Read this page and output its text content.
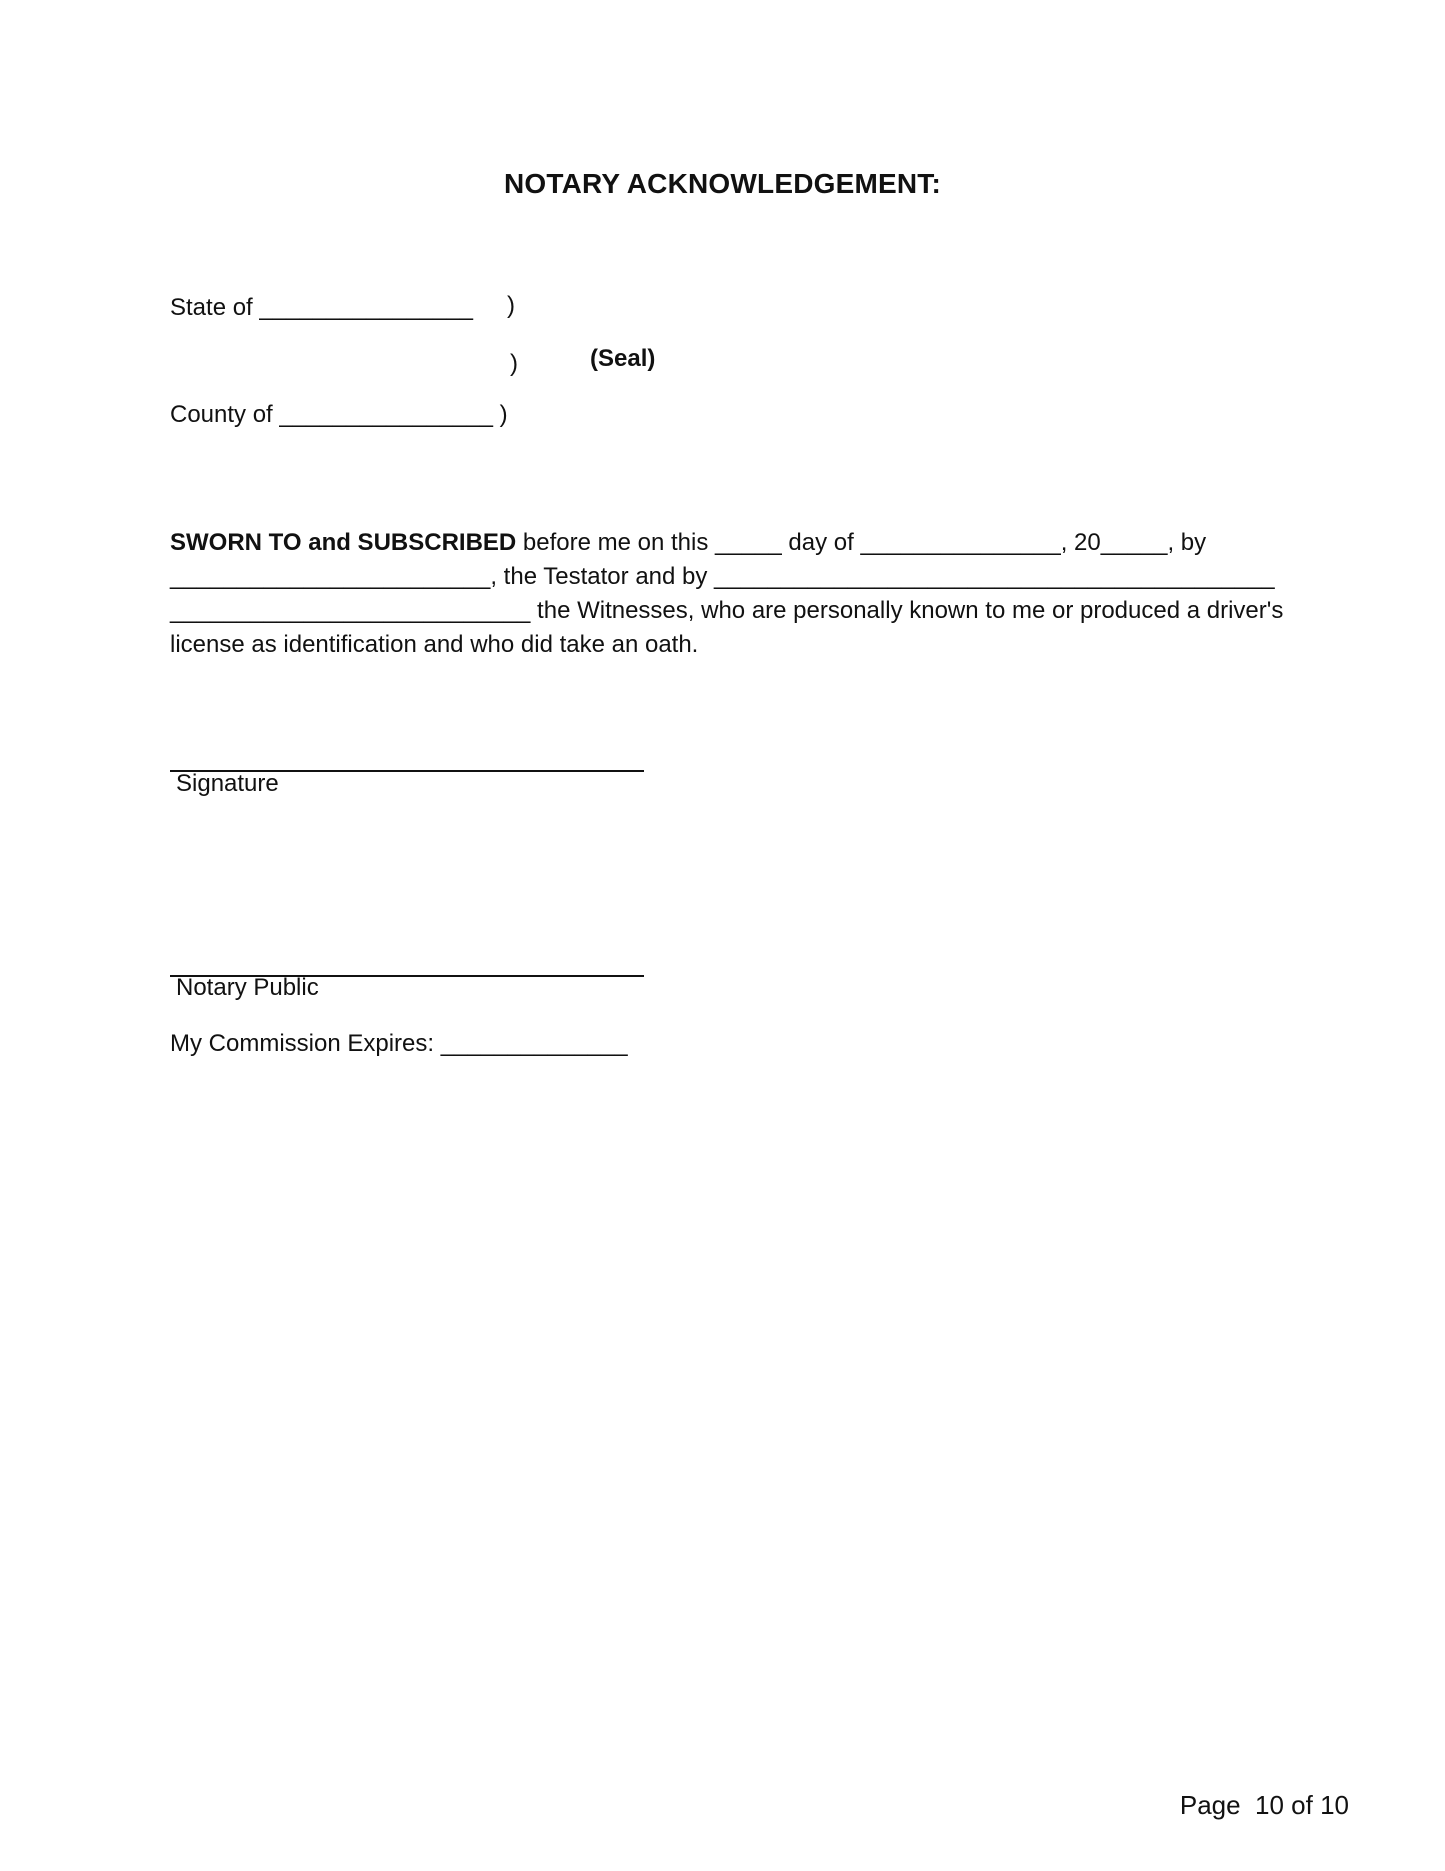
NOTARY ACKNOWLEDGEMENT:
State of ________________ )
)	(Seal)
County of ________________ )
SWORN TO and SUBSCRIBED before me on this _____ day of _______________, 20_____, by
________________________, the Testator and by __________________________________________
___________________________ the Witnesses, who are personally known to me or produced a driver's
license as identification and who did take an oath.
Signature
Notary Public
My Commission Expires: ______________
Page  10 of 10
